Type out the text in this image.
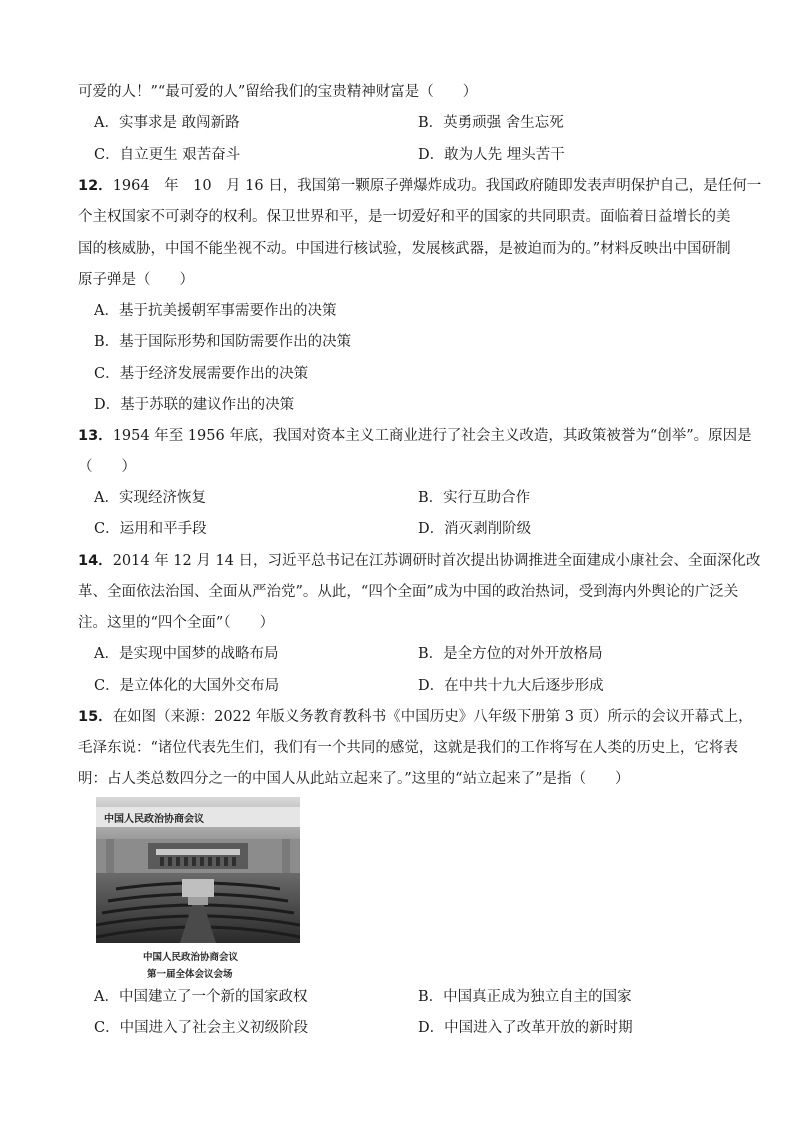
可爱的人！”“最可爱的人”留给我们的宝贵精神财富是（　　）
A．实事求是 敢闯新路	B．英勇顽强 舍生忘死
C．自立更生 艰苦奋斗	D．敢为人先 埋头苦干
12．1964　年　10　月 16 日，我国第一颗原子弹爆炸成功。我国政府随即发表声明保护自己，是任何一
个主权国家不可剥夺的权利。保卫世界和平，是一切爱好和平的国家的共同职责。面临着日益增长的美
国的核威胁，中国不能坐视不动。中国进行核试验，发展核武器，是被迫而为的。”材料反映出中国研制
原子弹是（　　）
A．基于抗美援朝军事需要作出的决策
B．基于国际形势和国防需要作出的决策
C．基于经济发展需要作出的决策
D．基于苏联的建议作出的决策
13．1954 年至 1956 年底，我国对资本主义工商业进行了社会主义改造，其政策被誉为“创举”。原因是
（　　）
A．实现经济恢复	B．实行互助合作
C．运用和平手段	D．消灭剥削阶级
14．2014 年 12 月 14 日，习近平总书记在江苏调研时首次提出协调推进全面建成小康社会、全面深化改
革、全面依法治国、全面从严治党”。从此，“四个全面”成为中国的政治热词，受到海内外舆论的广泛关
注。这里的“四个全面”（　　）
A．是实现中国梦的战略布局	B．是全方位的对外开放格局
C．是立体化的大国外交布局	D．在中共十九大后逐步形成
15．在如图（来源：2022 年版义务教育教科书《中国历史》八年级下册第 3 页）所示的会议开幕式上，
毛泽东说：“诸位代表先生们，我们有一个共同的感觉，这就是我们的工作将写在人类的历史上，它将表
明：占人类总数四分之一的中国人从此站立起来了。”这里的“站立起来了”是指（　　）
中国人民政治协商会议
中国人民政治协商会议
第一届全体会议会场
A．中国建立了一个新的国家政权	B．中国真正成为独立自主的国家
C．中国进入了社会主义初级阶段	D．中国进入了改革开放的新时期
